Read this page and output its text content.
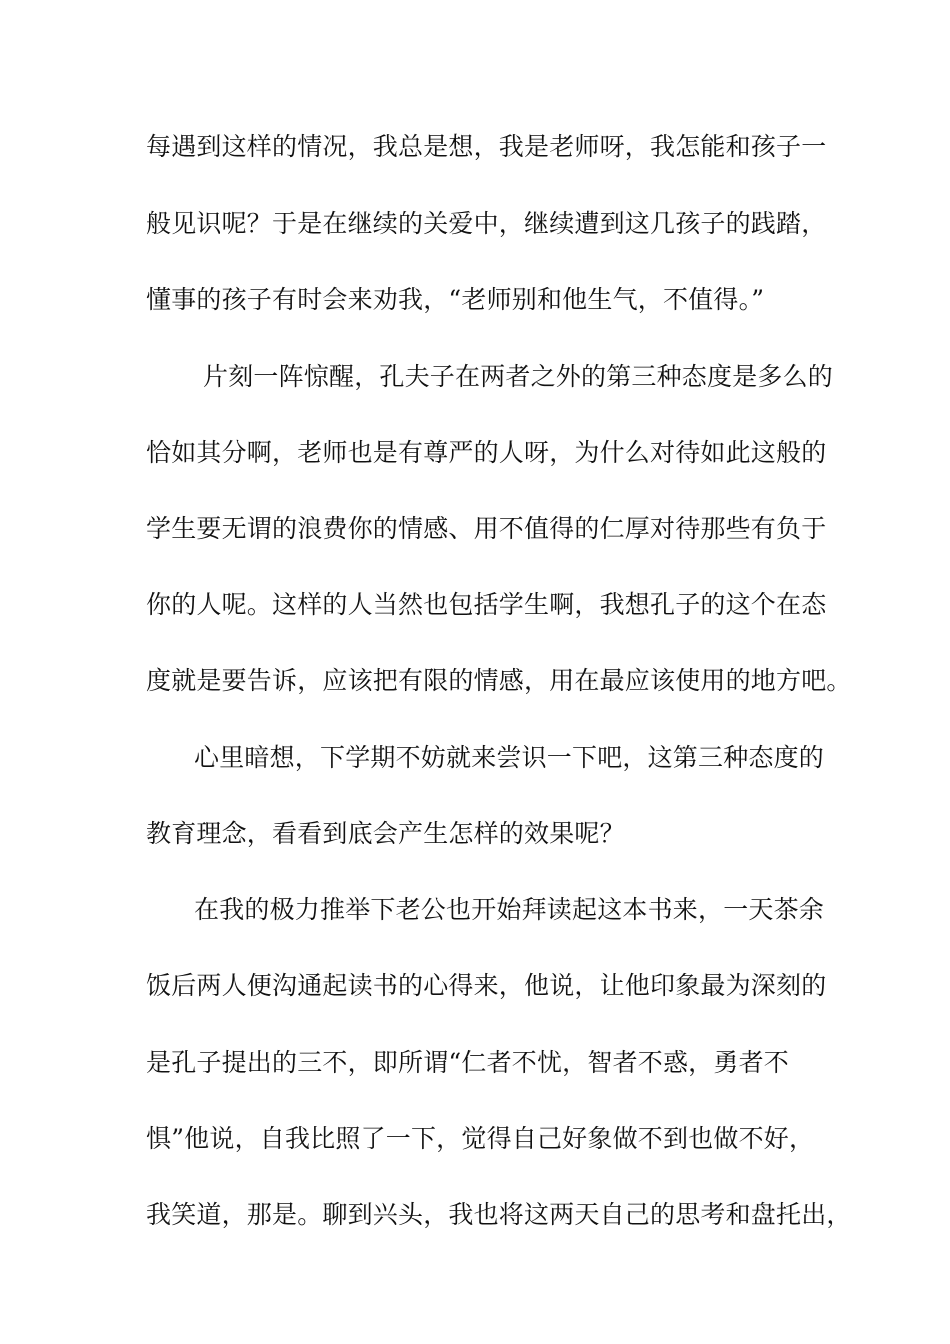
每遇到这样的情况，我总是想，我是老师呀，我怎能和孩子一
般见识呢？于是在继续的关爱中，继续遭到这几孩子的践踏，
懂事的孩子有时会来劝我，“老师别和他生气，不值得。”
片刻一阵惊醒，孔夫子在两者之外的第三种态度是多么的
恰如其分啊，老师也是有尊严的人呀，为什么对待如此这般的
学生要无谓的浪费你的情感、用不值得的仁厚对待那些有负于
你的人呢。这样的人当然也包括学生啊，我想孔子的这个在态
度就是要告诉，应该把有限的情感，用在最应该使用的地方吧。
心里暗想，下学期不妨就来尝识一下吧，这第三种态度的
教育理念，看看到底会产生怎样的效果呢？
在我的极力推举下老公也开始拜读起这本书来，一天茶余
饭后两人便沟通起读书的心得来，他说，让他印象最为深刻的
是孔子提出的三不，即所谓“仁者不忧，智者不惑，勇者不
惧”他说，自我比照了一下，觉得自己好象做不到也做不好，
我笑道，那是。聊到兴头，我也将这两天自己的思考和盘托出，
